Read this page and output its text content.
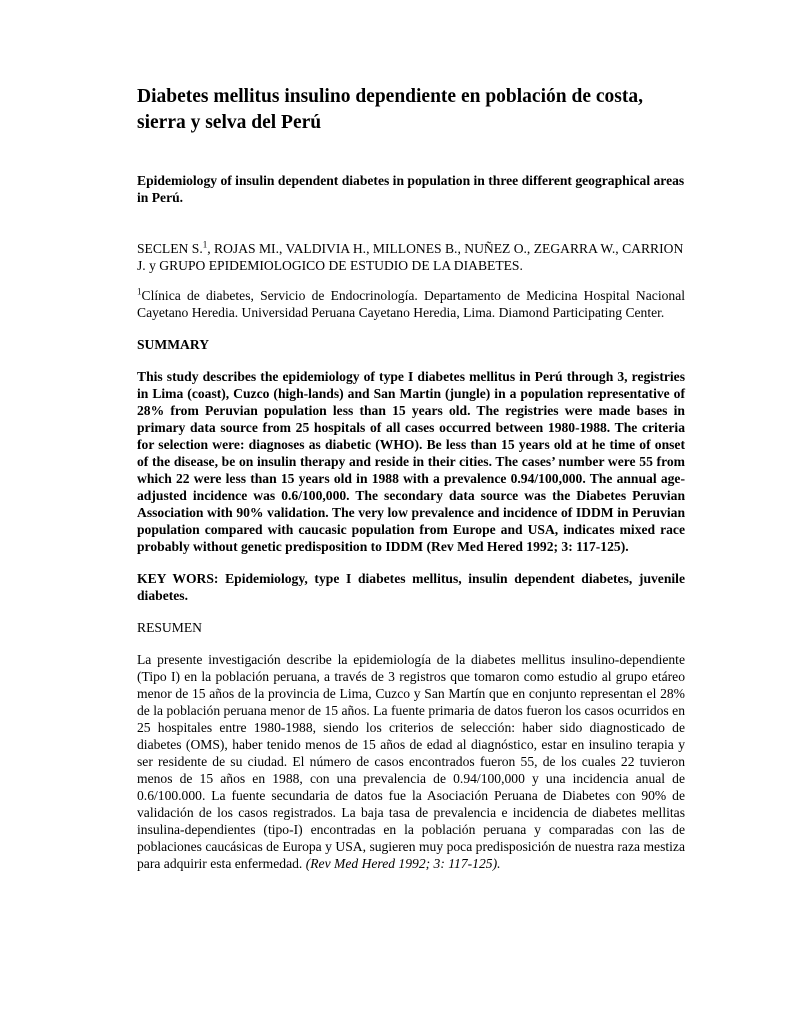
Diabetes mellitus insulino dependiente en población de costa, sierra y selva del Perú

Epidemiology of insulin dependent diabetes in population in three different geographical areas in Perú.

SECLEN S.$^1$, ROJAS MI., VALDIVIA H., MILLONES B., NUÑEZ O., ZEGARRA W., CARRION J. y GRUPO EPIDEMIOLOGICO DE ESTUDIO DE LA DIABETES.

$^1$Clínica de diabetes, Servicio de Endocrinología. Departamento de Medicina Hospital Nacional Cayetano Heredia. Universidad Peruana Cayetano Heredia, Lima. Diamond Participating Center.

SUMMARY

This study describes the epidemiology of type I diabetes mellitus in Perú through 3, registries in Lima (coast), Cuzco (high-lands) and San Martin (jungle) in a population representative of 28% from Peruvian population less than 15 years old. The registries were made bases in primary data source from 25 hospitals of all cases occurred between 1980-1988. The criteria for selection were: diagnoses as diabetic (WHO). Be less than 15 years old at he time of onset of the disease, be on insulin therapy and reside in their cities. The cases’ number were 55 from which 22 were less than 15 years old in 1988 with a prevalence 0.94/100,000. The annual age-adjusted incidence was 0.6/100,000. The secondary data source was the Diabetes Peruvian Association with 90% validation. The very low prevalence and incidence of IDDM in Peruvian population compared with caucasic population from Europe and USA, indicates mixed race probably without genetic predisposition to IDDM (Rev Med Hered 1992; 3: 117-125).

KEY WORS: Epidemiology, type I diabetes mellitus, insulin dependent diabetes, juvenile diabetes.

RESUMEN

La presente investigación describe la epidemiología de la diabetes mellitus insulino-dependiente (Tipo I) en la población peruana, a través de 3 registros que tomaron como estudio al grupo etáreo menor de 15 años de la provincia de Lima, Cuzco y San Martín que en conjunto representan el 28% de la población peruana menor de 15 años. La fuente primaria de datos fueron los casos ocurridos en 25 hospitales entre 1980-1988, siendo los criterios de selección: haber sido diagnosticado de diabetes (OMS), haber tenido menos de 15 años de edad al diagnóstico, estar en insulino terapia y ser residente de su ciudad. El número de casos encontrados fueron 55, de los cuales 22 tuvieron menos de 15 años en 1988, con una prevalencia de 0.94/100,000 y una incidencia anual de 0.6/100.000. La fuente secundaria de datos fue la Asociación Peruana de Diabetes con 90% de validación de los casos registrados. La baja tasa de prevalencia e incidencia de diabetes mellitas insulina-dependientes (tipo-I) encontradas en la población peruana y comparadas con las de poblaciones caucásicas de Europa y USA, sugieren muy poca predisposición de nuestra raza mestiza para adquirir esta enfermedad. (Rev Med Hered 1992; 3: 117-125).
